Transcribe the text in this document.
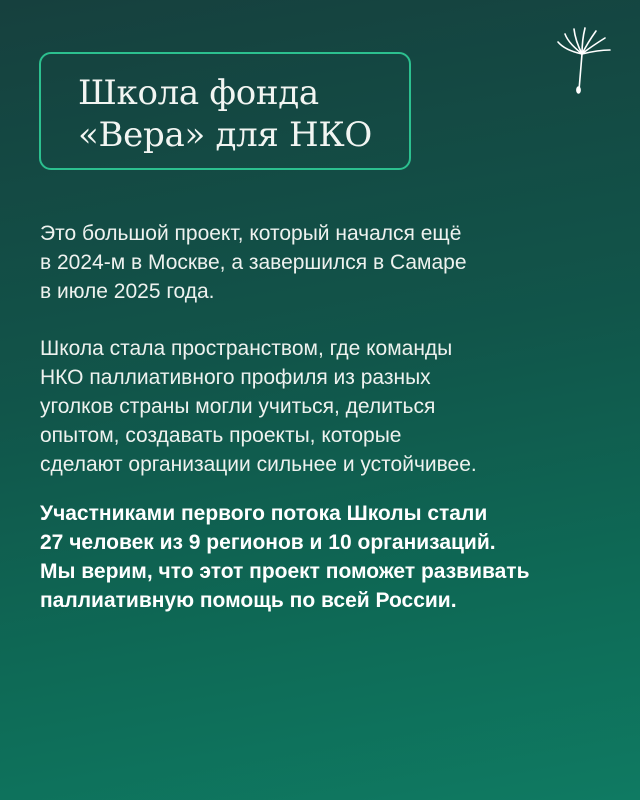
Школа фонда
«Вера» для НКО

Это большой проект, который начался ещё
в 2024-м в Москве, а завершился в Самаре
в июле 2025 года.

Школа стала пространством, где команды
НКО паллиативного профиля из разных
уголков страны могли учиться, делиться
опытом, создавать проекты, которые
сделают организации сильнее и устойчивее.

Участниками первого потока Школы стали
27 человек из 9 регионов и 10 организаций.
Мы верим, что этот проект поможет развивать
паллиативную помощь по всей России.
